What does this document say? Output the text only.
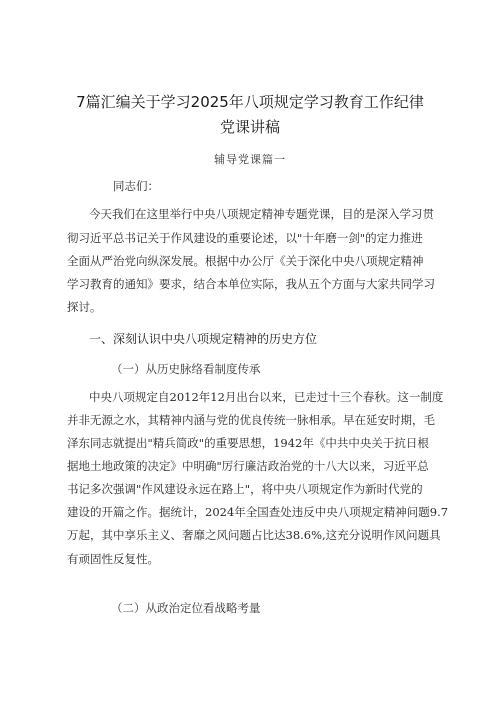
7篇汇编关于学习2025年八项规定学习教育工作纪律
党课讲稿
辅导党课篇一
同志们：
今天我们在这里举行中央八项规定精神专题党课，目的是深入学习贯
彻习近平总书记关于作风建设的重要论述，以"十年磨一剑"的定力推进
全面从严治党向纵深发展。根据中办公厅《关于深化中央八项规定精神
学习教育的通知》要求，结合本单位实际，我从五个方面与大家共同学习
探讨。
一、深刻认识中央八项规定精神的历史方位
（一）从历史脉络看制度传承
中央八项规定自2012年12月出台以来，已走过十三个春秋。这一制度
并非无源之水，其精神内涵与党的优良传统一脉相承。早在延安时期，毛
泽东同志就提出"精兵简政"的重要思想，1942年《中共中央关于抗日根
据地土地政策的决定》中明确"厉行廉洁政治党的十八大以来，习近平总
书记多次强调"作风建设永远在路上"，将中央八项规定作为新时代党的
建设的开篇之作。据统计，2024年全国查处违反中央八项规定精神问题9.7
万起，其中享乐主义、奢靡之风问题占比达38.6%,这充分说明作风问题具
有顽固性反复性。
（二）从政治定位看战略考量
